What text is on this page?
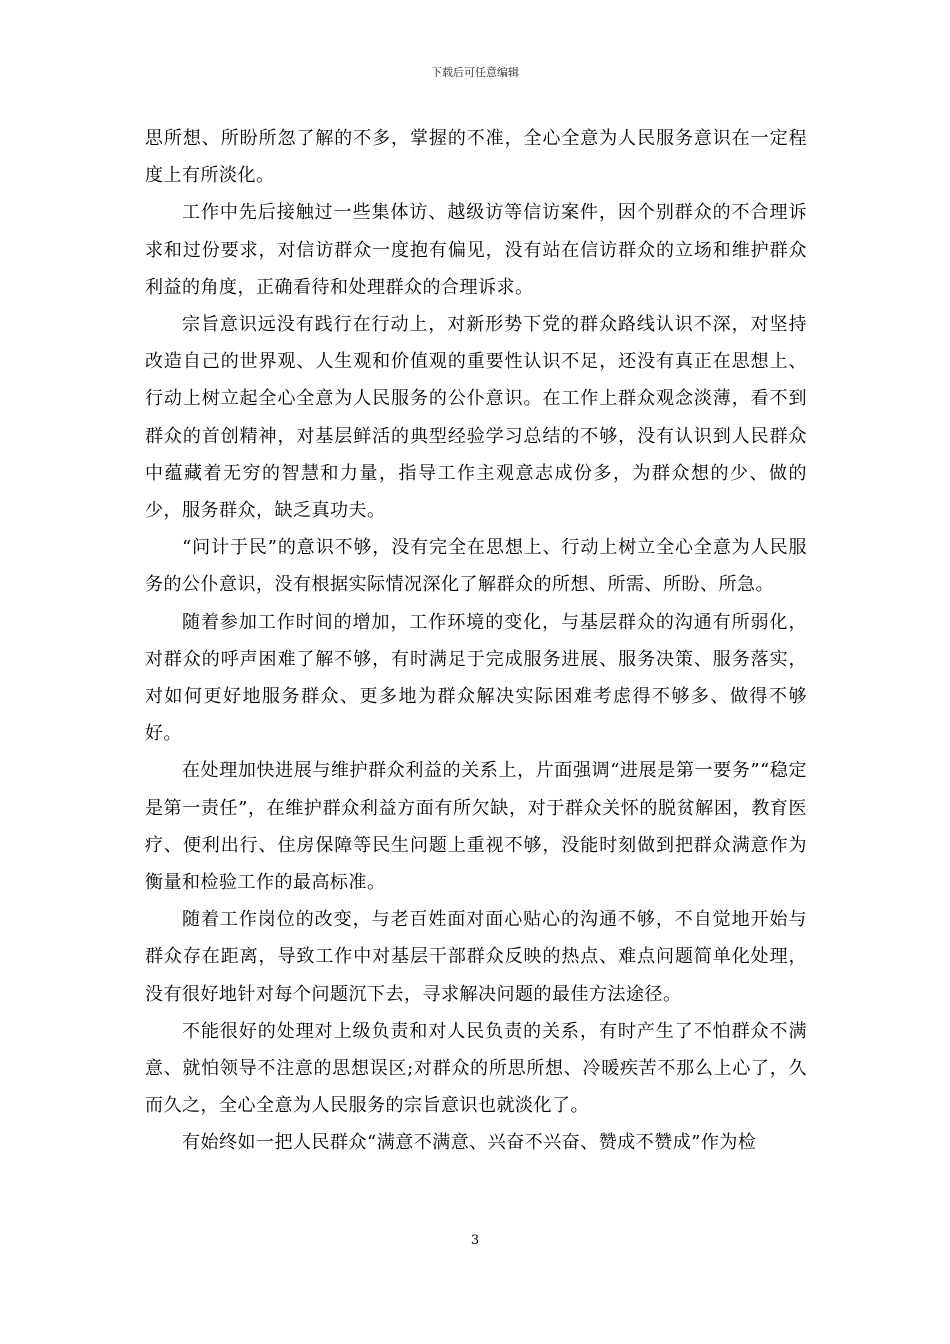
下载后可任意编辑

思所想、所盼所忽了解的不多，掌握的不准，全心全意为人民服务意识在一定程度上有所淡化。

工作中先后接触过一些集体访、越级访等信访案件，因个别群众的不合理诉求和过份要求，对信访群众一度抱有偏见，没有站在信访群众的立场和维护群众利益的角度，正确看待和处理群众的合理诉求。

宗旨意识远没有践行在行动上，对新形势下党的群众路线认识不深，对坚持改造自己的世界观、人生观和价值观的重要性认识不足，还没有真正在思想上、行动上树立起全心全意为人民服务的公仆意识。在工作上群众观念淡薄，看不到群众的首创精神，对基层鲜活的典型经验学习总结的不够，没有认识到人民群众中蕴藏着无穷的智慧和力量，指导工作主观意志成份多，为群众想的少、做的少，服务群众，缺乏真功夫。

“问计于民”的意识不够，没有完全在思想上、行动上树立全心全意为人民服务的公仆意识，没有根据实际情况深化了解群众的所想、所需、所盼、所急。

随着参加工作时间的增加，工作环境的变化，与基层群众的沟通有所弱化，对群众的呼声困难了解不够，有时满足于完成服务进展、服务决策、服务落实，对如何更好地服务群众、更多地为群众解决实际困难考虑得不够多、做得不够好。

在处理加快进展与维护群众利益的关系上，片面强调“进展是第一要务”“稳定是第一责任”，在维护群众利益方面有所欠缺，对于群众关怀的脱贫解困，教育医疗、便利出行、住房保障等民生问题上重视不够，没能时刻做到把群众满意作为衡量和检验工作的最高标准。

随着工作岗位的改变，与老百姓面对面心贴心的沟通不够，不自觉地开始与群众存在距离，导致工作中对基层干部群众反映的热点、难点问题简单化处理，没有很好地针对每个问题沉下去，寻求解决问题的最佳方法途径。

不能很好的处理对上级负责和对人民负责的关系，有时产生了不怕群众不满意、就怕领导不注意的思想误区;对群众的所思所想、冷暖疾苦不那么上心了，久而久之，全心全意为人民服务的宗旨意识也就淡化了。

有始终如一把人民群众“满意不满意、兴奋不兴奋、赞成不赞成”作为检

3
